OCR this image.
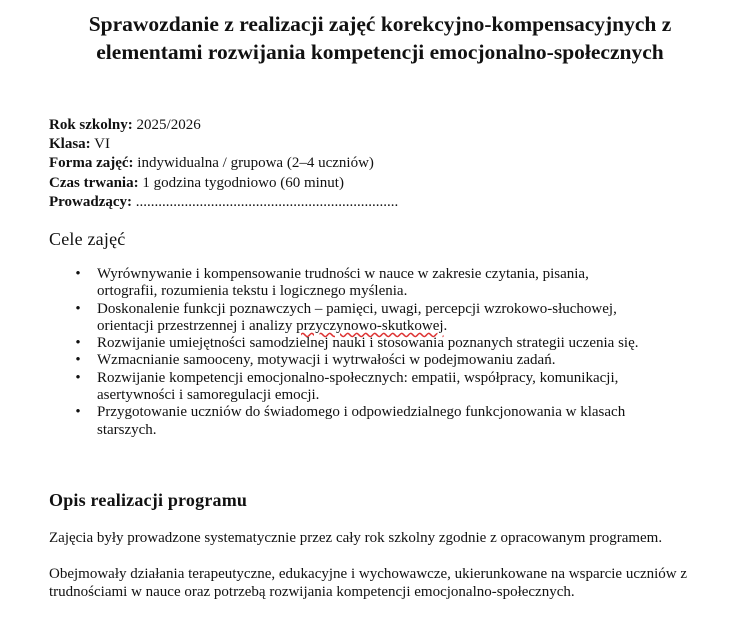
Sprawozdanie z realizacji zajęć korekcyjno-kompensacyjnych z elementami rozwijania kompetencji emocjonalno-społecznych
Rok szkolny: 2025/2026
Klasa: VI
Forma zajęć: indywidualna / grupowa (2–4 uczniów)
Czas trwania: 1 godzina tygodniowo (60 minut)
Prowadzący: ......................................................................
Cele zajęć
• Wyrównywanie i kompensowanie trudności w nauce w zakresie czytania, pisania, ortografii, rozumienia tekstu i logicznego myślenia.
• Doskonalenie funkcji poznawczych – pamięci, uwagi, percepcji wzrokowo-słuchowej, orientacji przestrzennej i analizy przyczynowo-skutkowej.
• Rozwijanie umiejętności samodzielnej nauki i stosowania poznanych strategii uczenia się.
• Wzmacnianie samooceny, motywacji i wytrwałości w podejmowaniu zadań.
• Rozwijanie kompetencji emocjonalno-społecznych: empatii, współpracy, komunikacji, asertywności i samoregulacji emocji.
• Przygotowanie uczniów do świadomego i odpowiedzialnego funkcjonowania w klasach starszych.
Opis realizacji programu

Zajęcia były prowadzone systematycznie przez cały rok szkolny zgodnie z opracowanym programem.

Obejmowały działania terapeutyczne, edukacyjne i wychowawcze, ukierunkowane na wsparcie uczniów z trudnościami w nauce oraz potrzebą rozwijania kompetencji emocjonalno-społecznych.
